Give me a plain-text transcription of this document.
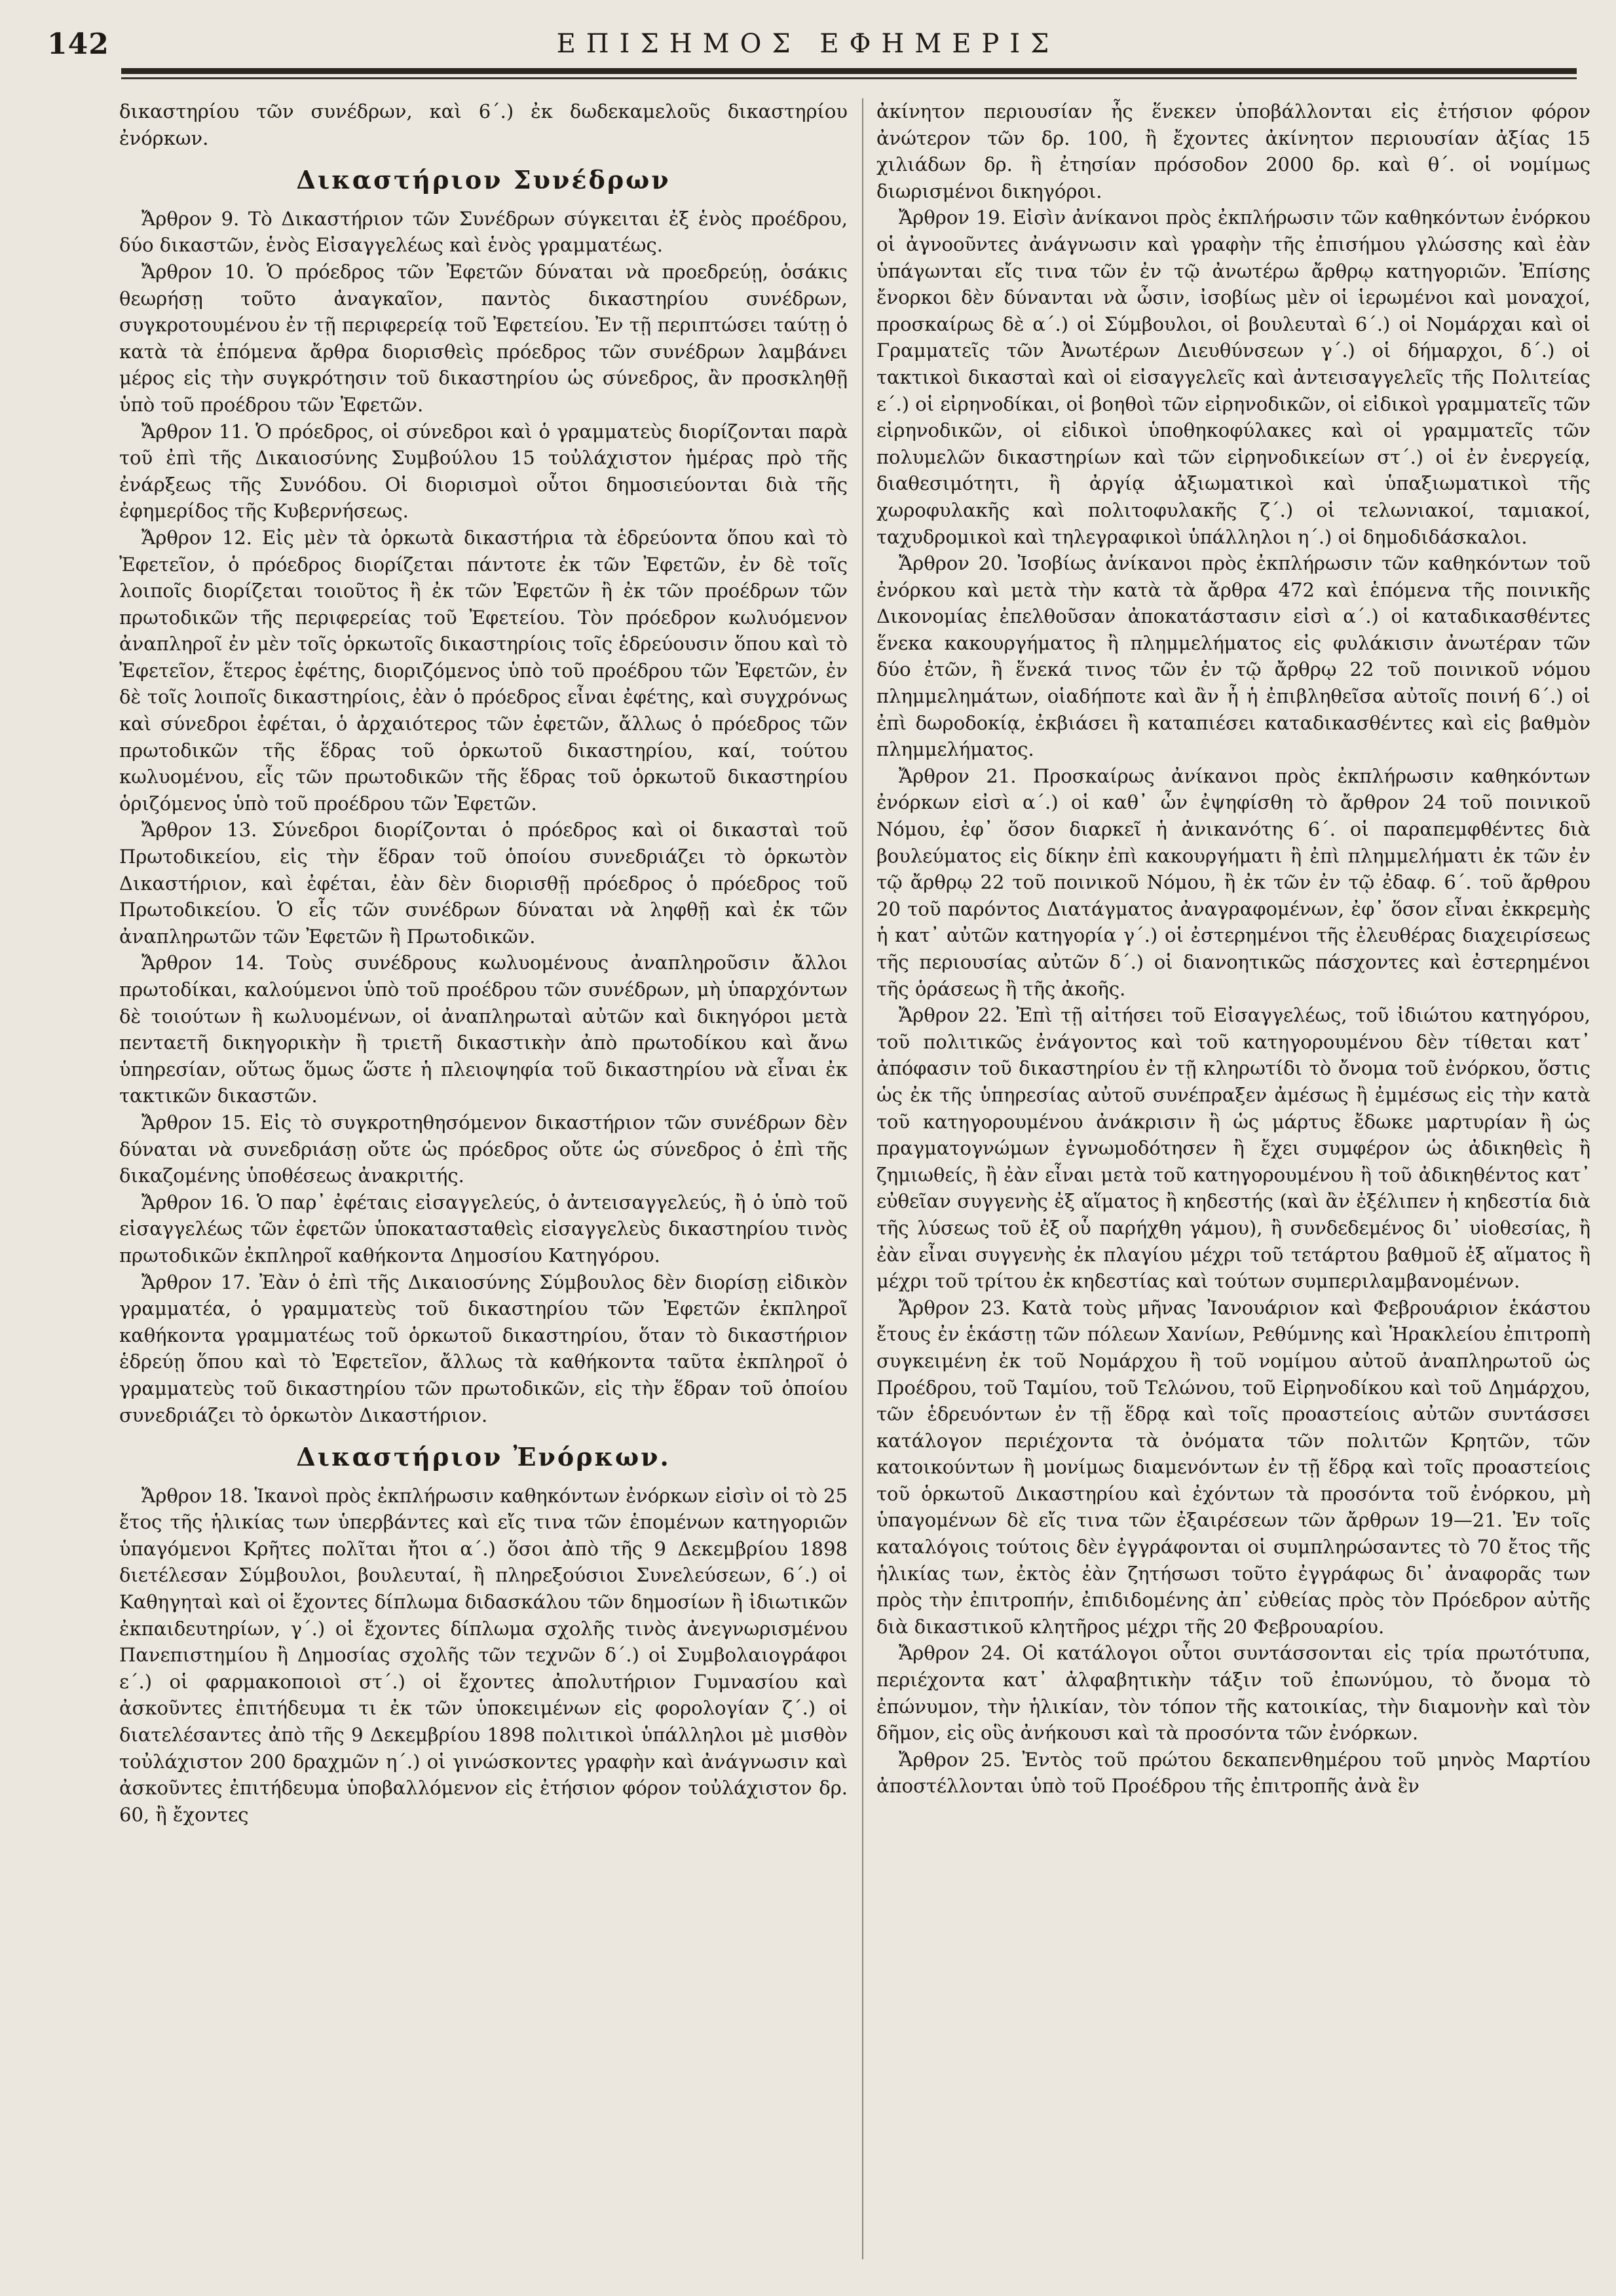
142	ΕΠΙΣΗΜΟΣ ΕΦΗΜΕΡΙΣ

δικαστηρίου τῶν συνέδρων, καὶ 6΄.) ἐκ δωδεκαμελοῦς δικαστηρίου ἐνόρκων.

Δικαστήριον Συνέδρων

Ἄρθρον 9. Τὸ Δικαστήριον τῶν Συνέδρων σύγκειται ἐξ ἑνὸς προέδρου, δύο δικαστῶν, ἑνὸς Εἰσαγγελέως καὶ ἑνὸς γραμματέως.

Ἄρθρον 10. Ὁ πρόεδρος τῶν Ἐφετῶν δύναται νὰ προεδρεύῃ, ὁσάκις θεωρήσῃ τοῦτο ἀναγκαῖον, παντὸς δικαστηρίου συνέδρων, συγκροτουμένου ἐν τῇ περιφερείᾳ τοῦ Ἐφετείου. Ἐν τῇ περιπτώσει ταύτῃ ὁ κατὰ τὰ ἑπόμενα ἄρθρα διορισθεὶς πρόεδρος τῶν συνέδρων λαμβάνει μέρος εἰς τὴν συγκρότησιν τοῦ δικαστηρίου ὡς σύνεδρος, ἂν προσκληθῇ ὑπὸ τοῦ προέδρου τῶν Ἐφετῶν.

Ἄρθρον 11. Ὁ πρόεδρος, οἱ σύνεδροι καὶ ὁ γραμματεὺς διορίζονται παρὰ τοῦ ἐπὶ τῆς Δικαιοσύνης Συμβούλου 15 τοὐλάχιστον ἡμέρας πρὸ τῆς ἐνάρξεως τῆς Συνόδου. Οἱ διορισμοὶ οὗτοι δημοσιεύονται διὰ τῆς ἐφημερίδος τῆς Κυβερνήσεως.

Ἄρθρον 12. Εἰς μὲν τὰ ὁρκωτὰ δικαστήρια τὰ ἑδρεύοντα ὅπου καὶ τὸ Ἐφετεῖον, ὁ πρόεδρος διορίζεται πάντοτε ἐκ τῶν Ἐφετῶν, ἐν δὲ τοῖς λοιποῖς διορίζεται τοιοῦτος ἢ ἐκ τῶν Ἐφετῶν ἢ ἐκ τῶν προέδρων τῶν πρωτοδικῶν τῆς περιφερείας τοῦ Ἐφετείου. Τὸν πρόεδρον κωλυόμενον ἀναπληροῖ ἐν μὲν τοῖς ὁρκωτοῖς δικαστηρίοις τοῖς ἑδρεύουσιν ὅπου καὶ τὸ Ἐφετεῖον, ἕτερος ἐφέτης, διοριζόμενος ὑπὸ τοῦ προέδρου τῶν Ἐφετῶν, ἐν δὲ τοῖς λοιποῖς δικαστηρίοις, ἐὰν ὁ πρόεδρος εἶναι ἐφέτης, καὶ συγχρόνως καὶ σύνεδροι ἐφέται, ὁ ἀρχαιότερος τῶν ἐφετῶν, ἄλλως ὁ πρόεδρος τῶν πρωτοδικῶν τῆς ἕδρας τοῦ ὁρκωτοῦ δικαστηρίου, καί, τούτου κωλυομένου, εἷς τῶν πρωτοδικῶν τῆς ἕδρας τοῦ ὁρκωτοῦ δικαστηρίου ὁριζόμενος ὑπὸ τοῦ προέδρου τῶν Ἐφετῶν.

Ἄρθρον 13. Σύνεδροι διορίζονται ὁ πρόεδρος καὶ οἱ δικασταὶ τοῦ Πρωτοδικείου, εἰς τὴν ἕδραν τοῦ ὁποίου συνεδριάζει τὸ ὁρκωτὸν Δικαστήριον, καὶ ἐφέται, ἐὰν δὲν διορισθῇ πρόεδρος ὁ πρόεδρος τοῦ Πρωτοδικείου. Ὁ εἷς τῶν συνέδρων δύναται νὰ ληφθῇ καὶ ἐκ τῶν ἀναπληρωτῶν τῶν Ἐφετῶν ἢ Πρωτοδικῶν.

Ἄρθρον 14. Τοὺς συνέδρους κωλυομένους ἀναπληροῦσιν ἄλλοι πρωτοδίκαι, καλούμενοι ὑπὸ τοῦ προέδρου τῶν συνέδρων, μὴ ὑπαρχόντων δὲ τοιούτων ἢ κωλυομένων, οἱ ἀναπληρωταὶ αὐτῶν καὶ δικηγόροι μετὰ πενταετῆ δικηγορικὴν ἢ τριετῆ δικαστικὴν ἀπὸ πρωτοδίκου καὶ ἄνω ὑπηρεσίαν, οὕτως ὅμως ὥστε ἡ πλειοψηφία τοῦ δικαστηρίου νὰ εἶναι ἐκ τακτικῶν δικαστῶν.

Ἄρθρον 15. Εἰς τὸ συγκροτηθησόμενον δικαστήριον τῶν συνέδρων δὲν δύναται νὰ συνεδριάσῃ οὔτε ὡς πρόεδρος οὔτε ὡς σύνεδρος ὁ ἐπὶ τῆς δικαζομένης ὑποθέσεως ἀνακριτής.

Ἄρθρον 16. Ὁ παρ᾽ ἐφέταις εἰσαγγελεύς, ὁ ἀντεισαγγελεύς, ἢ ὁ ὑπὸ τοῦ εἰσαγγελέως τῶν ἐφετῶν ὑποκατασταθεὶς εἰσαγγελεὺς δικαστηρίου τινὸς πρωτοδικῶν ἐκπληροῖ καθήκοντα Δημοσίου Κατηγόρου.

Ἄρθρον 17. Ἐὰν ὁ ἐπὶ τῆς Δικαιοσύνης Σύμβουλος δὲν διορίσῃ εἰδικὸν γραμματέα, ὁ γραμματεὺς τοῦ δικαστηρίου τῶν Ἐφετῶν ἐκπληροῖ καθήκοντα γραμματέως τοῦ ὁρκωτοῦ δικαστηρίου, ὅταν τὸ δικαστήριον ἑδρεύῃ ὅπου καὶ τὸ Ἐφετεῖον, ἄλλως τὰ καθήκοντα ταῦτα ἐκπληροῖ ὁ γραμματεὺς τοῦ δικαστηρίου τῶν πρωτοδικῶν, εἰς τὴν ἕδραν τοῦ ὁποίου συνεδριάζει τὸ ὁρκωτὸν Δικαστήριον.

Δικαστήριον Ἐνόρκων.

Ἄρθρον 18. Ἱκανοὶ πρὸς ἐκπλήρωσιν καθηκόντων ἐνόρκων εἰσὶν οἱ τὸ 25 ἔτος τῆς ἡλικίας των ὑπερβάντες καὶ εἴς τινα τῶν ἑπομένων κατηγοριῶν ὑπαγόμενοι Κρῆτες πολῖται ἤτοι α΄.) ὅσοι ἀπὸ τῆς 9 Δεκεμβρίου 1898 διετέλεσαν Σύμβουλοι, βουλευταί, ἢ πληρεξούσιοι Συνελεύσεων, 6΄.) οἱ Καθηγηταὶ καὶ οἱ ἔχοντες δίπλωμα διδασκάλου τῶν δημοσίων ἢ ἰδιωτικῶν ἐκπαιδευτηρίων, γ΄.) οἱ ἔχοντες δίπλωμα σχολῆς τινὸς ἀνεγνωρισμένου Πανεπιστημίου ἢ Δημοσίας σχολῆς τῶν τεχνῶν δ΄.) οἱ Συμβολαιογράφοι ε΄.) οἱ φαρμακοποιοὶ στ΄.) οἱ ἔχοντες ἀπολυτήριον Γυμνασίου καὶ ἀσκοῦντες ἐπιτήδευμα τι ἐκ τῶν ὑποκειμένων εἰς φορολογίαν ζ΄.) οἱ διατελέσαντες ἀπὸ τῆς 9 Δεκεμβρίου 1898 πολιτικοὶ ὑπάλληλοι μὲ μισθὸν τοὐλάχιστον 200 δραχμῶν η΄.) οἱ γινώσκοντες γραφὴν καὶ ἀνάγνωσιν καὶ ἀσκοῦντες ἐπιτήδευμα ὑποβαλλόμενον εἰς ἐτήσιον φόρον τοὐλάχιστον δρ. 60, ἢ ἔχοντες

ἀκίνητον περιουσίαν ἧς ἕνεκεν ὑποβάλλονται εἰς ἐτήσιον φόρον ἀνώτερον τῶν δρ. 100, ἢ ἔχοντες ἀκίνητον περιουσίαν ἀξίας 15 χιλιάδων δρ. ἢ ἐτησίαν πρόσοδον 2000 δρ. καὶ θ΄. οἱ νομίμως διωρισμένοι δικηγόροι.

Ἄρθρον 19. Εἰσὶν ἀνίκανοι πρὸς ἐκπλήρωσιν τῶν καθηκόντων ἐνόρκου οἱ ἀγνοοῦντες ἀνάγνωσιν καὶ γραφὴν τῆς ἐπισήμου γλώσσης καὶ ἐὰν ὑπάγωνται εἴς τινα τῶν ἐν τῷ ἀνωτέρω ἄρθρῳ κατηγοριῶν. Ἐπίσης ἔνορκοι δὲν δύνανται νὰ ὦσιν, ἰσοβίως μὲν οἱ ἱερωμένοι καὶ μοναχοί, προσκαίρως δὲ α΄.) οἱ Σύμβουλοι, οἱ βουλευταὶ 6΄.) οἱ Νομάρχαι καὶ οἱ Γραμματεῖς τῶν Ἀνωτέρων Διευθύνσεων γ΄.) οἱ δήμαρχοι, δ΄.) οἱ τακτικοὶ δικασταὶ καὶ οἱ εἰσαγγελεῖς καὶ ἀντεισαγγελεῖς τῆς Πολιτείας ε΄.) οἱ εἰρηνοδίκαι, οἱ βοηθοὶ τῶν εἰρηνοδικῶν, οἱ εἰδικοὶ γραμματεῖς τῶν εἰρηνοδικῶν, οἱ εἰδικοὶ ὑποθηκοφύλακες καὶ οἱ γραμματεῖς τῶν πολυμελῶν δικαστηρίων καὶ τῶν εἰρηνοδικείων στ΄.) οἱ ἐν ἐνεργείᾳ, διαθεσιμότητι, ἢ ἀργίᾳ ἀξιωματικοὶ καὶ ὑπαξιωματικοὶ τῆς χωροφυλακῆς καὶ πολιτοφυλακῆς ζ΄.) οἱ τελωνιακοί, ταμιακοί, ταχυδρομικοὶ καὶ τηλεγραφικοὶ ὑπάλληλοι η΄.) οἱ δημοδιδάσκαλοι.

Ἄρθρον 20. Ἰσοβίως ἀνίκανοι πρὸς ἐκπλήρωσιν τῶν καθηκόντων τοῦ ἐνόρκου καὶ μετὰ τὴν κατὰ τὰ ἄρθρα 472 καὶ ἑπόμενα τῆς ποινικῆς Δικονομίας ἐπελθοῦσαν ἀποκατάστασιν εἰσὶ α΄.) οἱ καταδικασθέντες ἕνεκα κακουργήματος ἢ πλημμελήματος εἰς φυλάκισιν ἀνωτέραν τῶν δύο ἐτῶν, ἢ ἕνεκά τινος τῶν ἐν τῷ ἄρθρῳ 22 τοῦ ποινικοῦ νόμου πλημμελημάτων, οἱαδήποτε καὶ ἂν ἦ ἡ ἐπιβληθεῖσα αὐτοῖς ποινή 6΄.) οἱ ἐπὶ δωροδοκίᾳ, ἐκβιάσει ἢ καταπιέσει καταδικασθέντες καὶ εἰς βαθμὸν πλημμελήματος.

Ἄρθρον 21. Προσκαίρως ἀνίκανοι πρὸς ἐκπλήρωσιν καθηκόντων ἐνόρκων εἰσὶ α΄.) οἱ καθ᾽ ὧν ἐψηφίσθη τὸ ἄρθρον 24 τοῦ ποινικοῦ Νόμου, ἐφ᾽ ὅσον διαρκεῖ ἡ ἀνικανότης 6΄. οἱ παραπεμφθέντες διὰ βουλεύματος εἰς δίκην ἐπὶ κακουργήματι ἢ ἐπὶ πλημμελήματι ἐκ τῶν ἐν τῷ ἄρθρῳ 22 τοῦ ποινικοῦ Νόμου, ἢ ἐκ τῶν ἐν τῷ ἐδαφ. 6΄. τοῦ ἄρθρου 20 τοῦ παρόντος Διατάγματος ἀναγραφομένων, ἐφ᾽ ὅσον εἶναι ἐκκρεμὴς ἡ κατ᾽ αὐτῶν κατηγορία γ΄.) οἱ ἐστερημένοι τῆς ἐλευθέρας διαχειρίσεως τῆς περιουσίας αὐτῶν δ΄.) οἱ διανοητικῶς πάσχοντες καὶ ἐστερημένοι τῆς ὁράσεως ἢ τῆς ἀκοῆς.

Ἄρθρον 22. Ἐπὶ τῇ αἰτήσει τοῦ Εἰσαγγελέως, τοῦ ἰδιώτου κατηγόρου, τοῦ πολιτικῶς ἐνάγοντος καὶ τοῦ κατηγορουμένου δὲν τίθεται κατ᾽ ἀπόφασιν τοῦ δικαστηρίου ἐν τῇ κληρωτίδι τὸ ὄνομα τοῦ ἐνόρκου, ὅστις ὡς ἐκ τῆς ὑπηρεσίας αὐτοῦ συνέπραξεν ἀμέσως ἢ ἐμμέσως εἰς τὴν κατὰ τοῦ κατηγορουμένου ἀνάκρισιν ἢ ὡς μάρτυς ἔδωκε μαρτυρίαν ἢ ὡς πραγματογνώμων ἐγνωμοδότησεν ἢ ἔχει συμφέρον ὡς ἀδικηθεὶς ἢ ζημιωθείς, ἢ ἐὰν εἶναι μετὰ τοῦ κατηγορουμένου ἢ τοῦ ἀδικηθέντος κατ᾽ εὐθεῖαν συγγενὴς ἐξ αἵματος ἢ κηδεστής (καὶ ἂν ἐξέλιπεν ἡ κηδεστία διὰ τῆς λύσεως τοῦ ἐξ οὗ παρήχθη γάμου), ἢ συνδεδεμένος δι᾽ υἱοθεσίας, ἢ ἐὰν εἶναι συγγενὴς ἐκ πλαγίου μέχρι τοῦ τετάρτου βαθμοῦ ἐξ αἵματος ἢ μέχρι τοῦ τρίτου ἐκ κηδεστίας καὶ τούτων συμπεριλαμβανομένων.

Ἄρθρον 23. Κατὰ τοὺς μῆνας Ἰανουάριον καὶ Φεβρουάριον ἑκάστου ἔτους ἐν ἑκάστῃ τῶν πόλεων Χανίων, Ρεθύμνης καὶ Ἡρακλείου ἐπιτροπὴ συγκειμένη ἐκ τοῦ Νομάρχου ἢ τοῦ νομίμου αὐτοῦ ἀναπληρωτοῦ ὡς Προέδρου, τοῦ Ταμίου, τοῦ Τελώνου, τοῦ Εἰρηνοδίκου καὶ τοῦ Δημάρχου, τῶν ἑδρευόντων ἐν τῇ ἕδρᾳ καὶ τοῖς προαστείοις αὐτῶν συντάσσει κατάλογον περιέχοντα τὰ ὀνόματα τῶν πολιτῶν Κρητῶν, τῶν κατοικούντων ἢ μονίμως διαμενόντων ἐν τῇ ἕδρᾳ καὶ τοῖς προαστείοις τοῦ ὁρκωτοῦ Δικαστηρίου καὶ ἐχόντων τὰ προσόντα τοῦ ἐνόρκου, μὴ ὑπαγομένων δὲ εἴς τινα τῶν ἐξαιρέσεων τῶν ἄρθρων 19—21. Ἐν τοῖς καταλόγοις τούτοις δὲν ἐγγράφονται οἱ συμπληρώσαντες τὸ 70 ἔτος τῆς ἡλικίας των, ἐκτὸς ἐὰν ζητήσωσι τοῦτο ἐγγράφως δι᾽ ἀναφορᾶς των πρὸς τὴν ἐπιτροπήν, ἐπιδιδομένης ἀπ᾽ εὐθείας πρὸς τὸν Πρόεδρον αὐτῆς διὰ δικαστικοῦ κλητῆρος μέχρι τῆς 20 Φεβρουαρίου.

Ἄρθρον 24. Οἱ κατάλογοι οὗτοι συντάσσονται εἰς τρία πρωτότυπα, περιέχοντα κατ᾽ ἀλφαβητικὴν τάξιν τοῦ ἐπωνύμου, τὸ ὄνομα τὸ ἐπώνυμον, τὴν ἡλικίαν, τὸν τόπον τῆς κατοικίας, τὴν διαμονὴν καὶ τὸν δῆμον, εἰς οὓς ἀνήκουσι καὶ τὰ προσόντα τῶν ἐνόρκων.

Ἄρθρον 25. Ἐντὸς τοῦ πρώτου δεκαπενθημέρου τοῦ μηνὸς Μαρτίου ἀποστέλλονται ὑπὸ τοῦ Προέδρου τῆς ἐπιτροπῆς ἀνὰ ἓν
